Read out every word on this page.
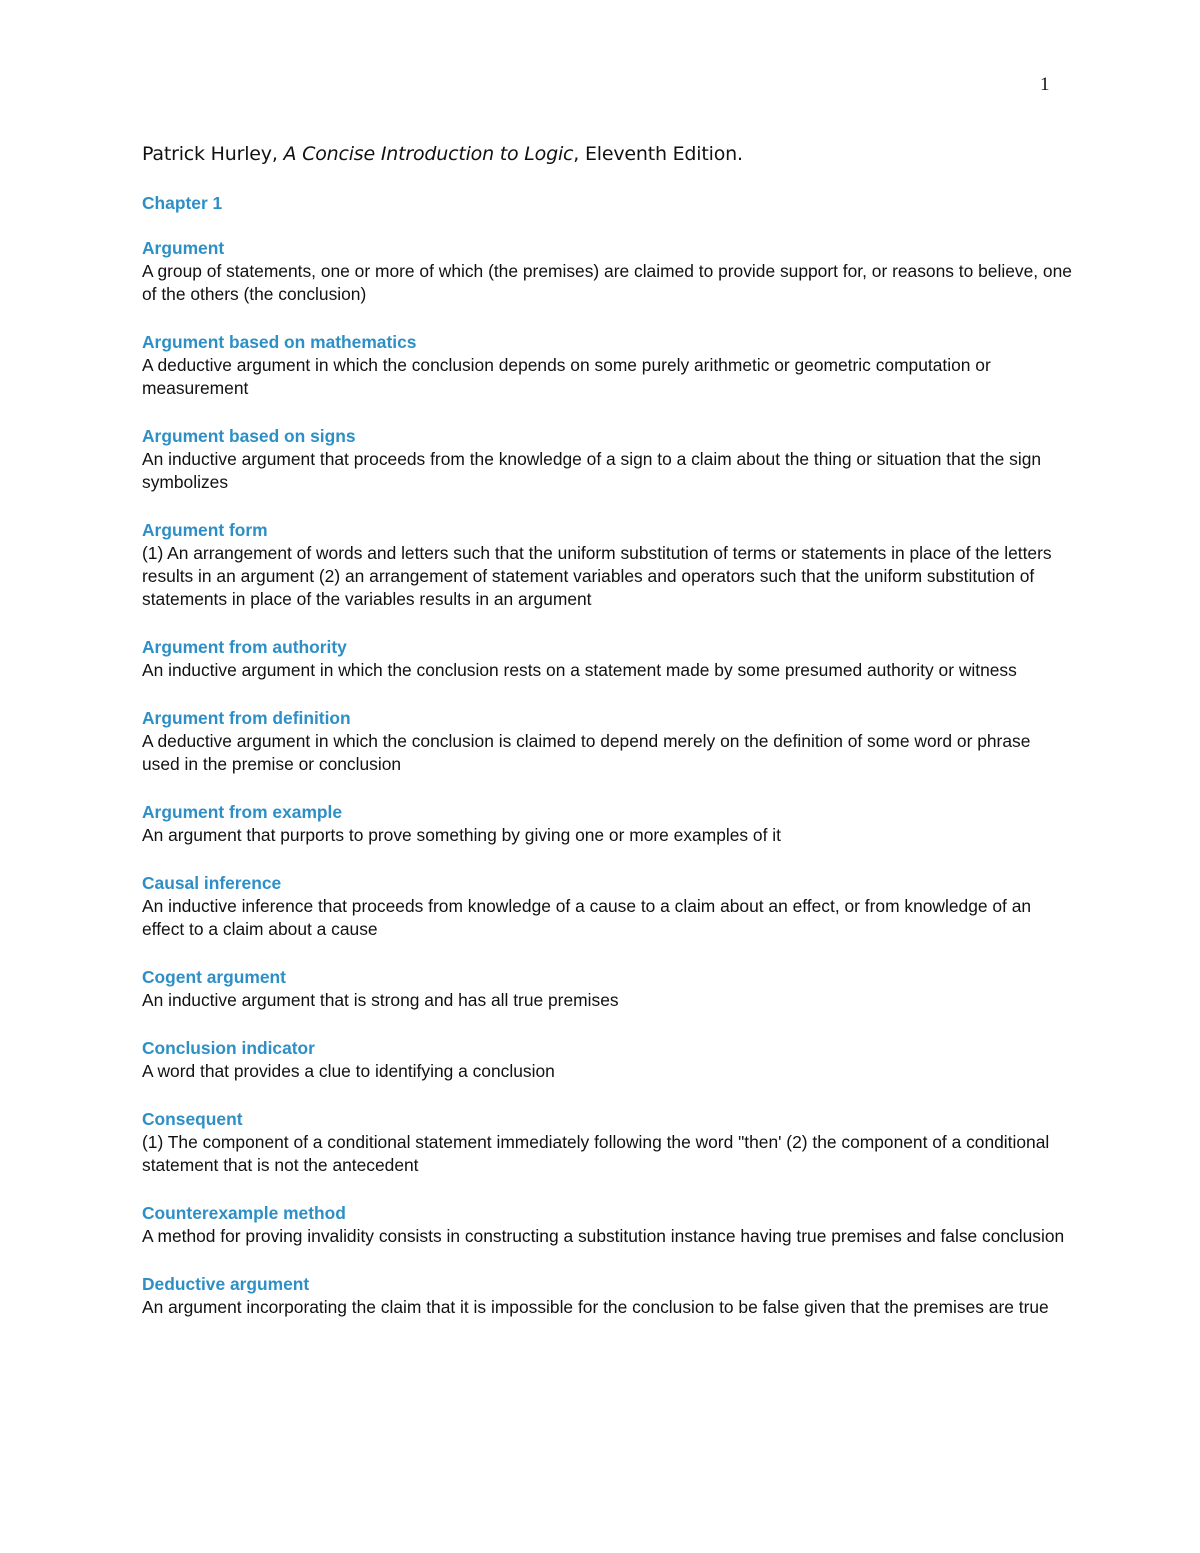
1
Patrick Hurley, A Concise Introduction to Logic, Eleventh Edition.

Chapter 1

Argument

A group of statements, one or more of which (the premises) are claimed to provide support for, or reasons to believe, one of the others (the conclusion)

Argument based on mathematics

A deductive argument in which the conclusion depends on some purely arithmetic or geometric computation or measurement

Argument based on signs

An inductive argument that proceeds from the knowledge of a sign to a claim about the thing or situation that the sign symbolizes

Argument form

(1) An arrangement of words and letters such that the uniform substitution of terms or statements in place of the letters results in an argument (2) an arrangement of statement variables and operators such that the uniform substitution of statements in place of the variables results in an argument

Argument from authority

An inductive argument in which the conclusion rests on a statement made by some presumed authority or witness

Argument from definition

A deductive argument in which the conclusion is claimed to depend merely on the definition of some word or phrase used in the premise or conclusion

Argument from example

An argument that purports to prove something by giving one or more examples of it

Causal inference

An inductive inference that proceeds from knowledge of a cause to a claim about an effect, or from knowledge of an effect to a claim about a cause

Cogent argument

An inductive argument that is strong and has all true premises

Conclusion indicator

A word that provides a clue to identifying a conclusion

Consequent

(1) The component of a conditional statement immediately following the word "then' (2) the component of a conditional statement that is not the antecedent

Counterexample method

A method for proving invalidity consists in constructing a substitution instance having true premises and false conclusion

Deductive argument

An argument incorporating the claim that it is impossible for the conclusion to be false given that the premises are true
